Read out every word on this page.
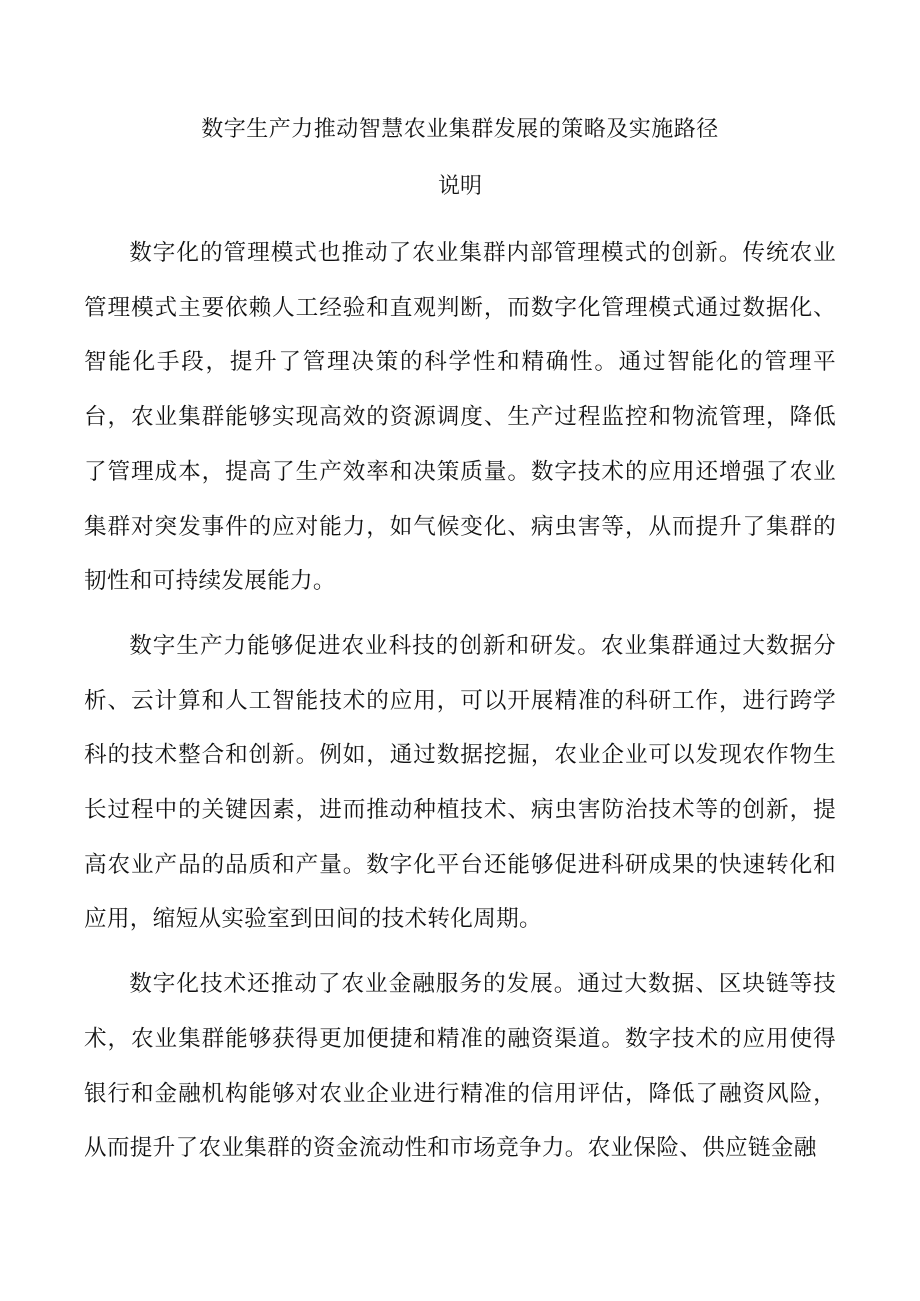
数字生产力推动智慧农业集群发展的策略及实施路径
说明

数字化的管理模式也推动了农业集群内部管理模式的创新。传统农业管理模式主要依赖人工经验和直观判断，而数字化管理模式通过数据化、智能化手段，提升了管理决策的科学性和精确性。通过智能化的管理平台，农业集群能够实现高效的资源调度、生产过程监控和物流管理，降低了管理成本，提高了生产效率和决策质量。数字技术的应用还增强了农业集群对突发事件的应对能力，如气候变化、病虫害等，从而提升了集群的韧性和可持续发展能力。

数字生产力能够促进农业科技的创新和研发。农业集群通过大数据分析、云计算和人工智能技术的应用，可以开展精准的科研工作，进行跨学科的技术整合和创新。例如，通过数据挖掘，农业企业可以发现农作物生长过程中的关键因素，进而推动种植技术、病虫害防治技术等的创新，提高农业产品的品质和产量。数字化平台还能够促进科研成果的快速转化和应用，缩短从实验室到田间的技术转化周期。

数字化技术还推动了农业金融服务的发展。通过大数据、区块链等技术，农业集群能够获得更加便捷和精准的融资渠道。数字技术的应用使得银行和金融机构能够对农业企业进行精准的信用评估，降低了融资风险，从而提升了农业集群的资金流动性和市场竞争力。农业保险、供应链金融
